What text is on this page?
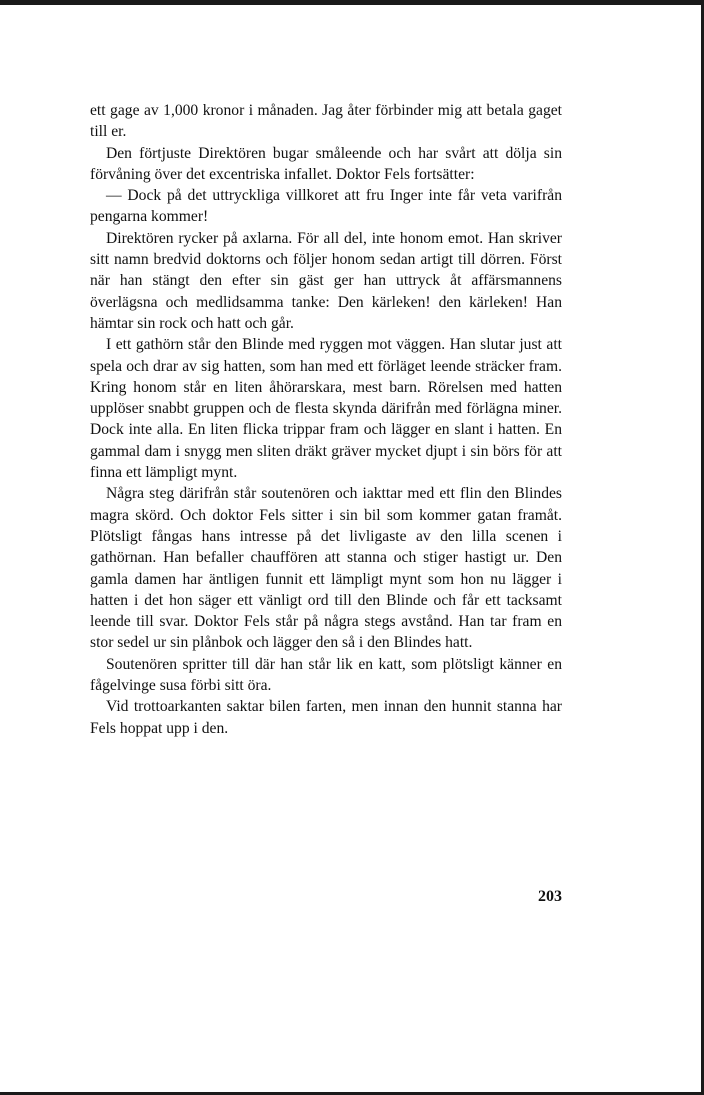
ett gage av 1,000 kronor i månaden. Jag åter förbinder mig att betala gaget till er.

Den förtjuste Direktören bugar småleende och har svårt att dölja sin förvåning över det excentriska infallet. Doktor Fels fortsätter:

— Dock på det uttryckliga villkoret att fru Inger inte får veta varifrån pengarna kommer!

Direktören rycker på axlarna. För all del, inte honom emot. Han skriver sitt namn bredvid doktorns och följer honom sedan artigt till dörren. Först när han stängt den efter sin gäst ger han uttryck åt affärsmannens överlägsna och medlidsamma tanke: Den kärleken! den kärleken! Han hämtar sin rock och hatt och går.

I ett gathörn står den Blinde med ryggen mot väggen. Han slutar just att spela och drar av sig hatten, som han med ett förläget leende sträcker fram. Kring honom står en liten åhörarskara, mest barn. Rörelsen med hatten upplöser snabbt gruppen och de flesta skynda därifrån med förlägna miner. Dock inte alla. En liten flicka trippar fram och lägger en slant i hatten. En gammal dam i snygg men sliten dräkt gräver mycket djupt i sin börs för att finna ett lämpligt mynt.

Några steg därifrån står soutenören och iakttar med ett flin den Blindes magra skörd. Och doktor Fels sitter i sin bil som kommer gatan framåt. Plötsligt fångas hans intresse på det livligaste av den lilla scenen i gathörnan. Han befaller chauffören att stanna och stiger hastigt ur. Den gamla damen har äntligen funnit ett lämpligt mynt som hon nu lägger i hatten i det hon säger ett vänligt ord till den Blinde och får ett tacksamt leende till svar. Doktor Fels står på några stegs avstånd. Han tar fram en stor sedel ur sin plånbok och lägger den så i den Blindes hatt.

Soutenören spritter till där han står lik en katt, som plötsligt känner en fågelvinge susa förbi sitt öra.

Vid trottoarkanten saktar bilen farten, men innan den hunnit stanna har Fels hoppat upp i den.

203
